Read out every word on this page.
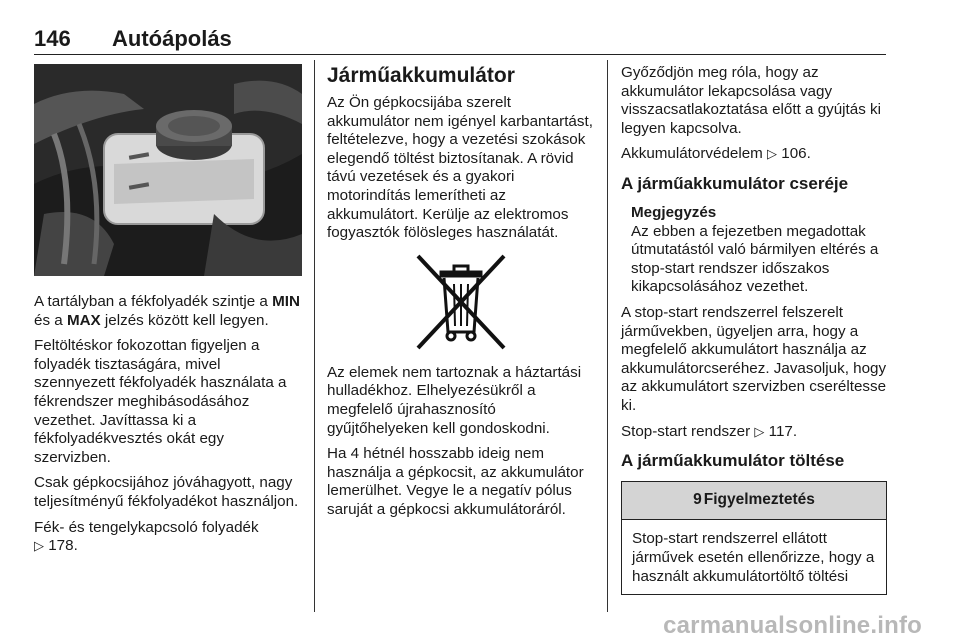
146 Autóápolás

A tartályban a fékfolyadék szintje a MIN és a MAX jelzés között kell legyen.

Feltöltéskor fokozottan figyeljen a folyadék tisztaságára, mivel szennyezett fékfolyadék használata a fékrendszer meghibásodásához vezethet. Javíttassa ki a fékfolyadékvesztés okát egy szervizben.

Csak gépkocsijához jóváhagyott, nagy teljesítményű fékfolyadékot használjon.

Fék- és tengelykapcsoló folyadék
▷ 178.

Járműakkumulátor

Az Ön gépkocsijába szerelt akkumulátor nem igényel karbantartást, feltételezve, hogy a vezetési szokások elegendő töltést biztosítanak. A rövid távú vezetések és a gyakori motorindítás lemerítheti az akkumulátort. Kerülje az elektromos fogyasztók fölösleges használatát.

Az elemek nem tartoznak a háztartási hulladékhoz. Elhelyezésükről a megfelelő újrahasznosító gyűjtőhelyeken kell gondoskodni.

Ha 4 hétnél hosszabb ideig nem használja a gépkocsit, az akkumulátor lemerülhet. Vegye le a negatív pólus saruját a gépkocsi akkumulátoráról.

Győződjön meg róla, hogy az akkumulátor lekapcsolása vagy visszacsatlakoztatása előtt a gyújtás ki legyen kapcsolva.

Akkumulátorvédelem ▷ 106.

A járműakkumulátor cseréje
Megjegyzés

Az ebben a fejezetben megadottak útmutatástól való bármilyen eltérés a stop-start rendszer időszakos kikapcsolásához vezethet.

A stop-start rendszerrel felszerelt járművekben, ügyeljen arra, hogy a megfelelő akkumulátort használja az akkumulátorcseréhez. Javasoljuk, hogy az akkumulátort szervizben cseréltesse ki.

Stop-start rendszer ▷ 117.

A járműakkumulátor töltése
9 Figyelmeztetés
Stop-start rendszerrel ellátott járművek esetén ellenőrizze, hogy a használt akkumulátortöltő töltési
carmanualsonline.info
